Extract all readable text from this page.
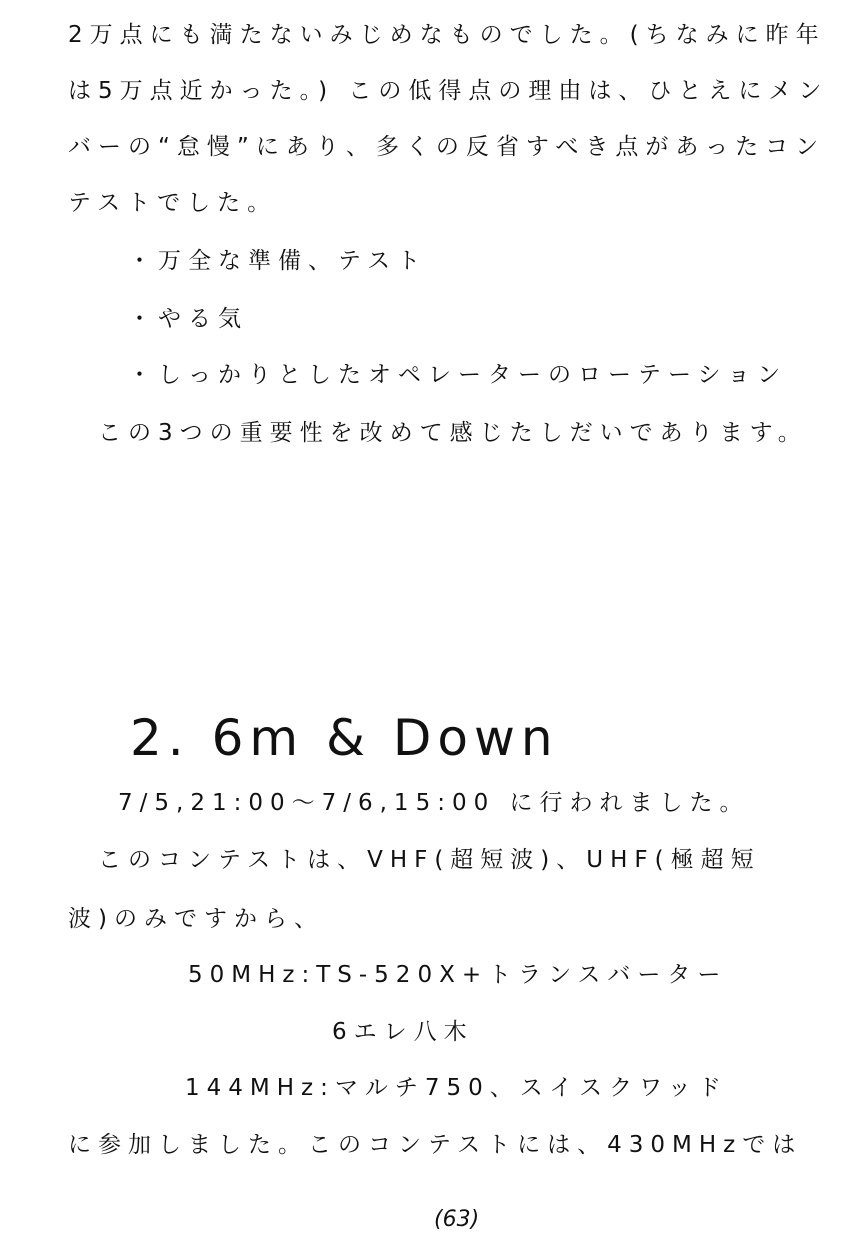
2万点にも満たないみじめなものでした。(ちなみに昨年
は5万点近かった。) この低得点の理由は、ひとえにメン
バーの“怠慢”にあり、多くの反省すべき点があったコン
テストでした。
・万全な準備、テスト
・やる気
・しっかりとしたオペレーターのローテーション
この3つの重要性を改めて感じたしだいであります。
2. 6m & Down
7/5,21:00〜7/6,15:00 に行われました。
このコンテストは、VHF(超短波)、UHF(極超短
波)のみですから、
50MHz:TS-520X+トランスバーター
6エレ八木
144MHz:マルチ750、スイスクワッド
に参加しました。このコンテストには、430MHzでは
(63)
